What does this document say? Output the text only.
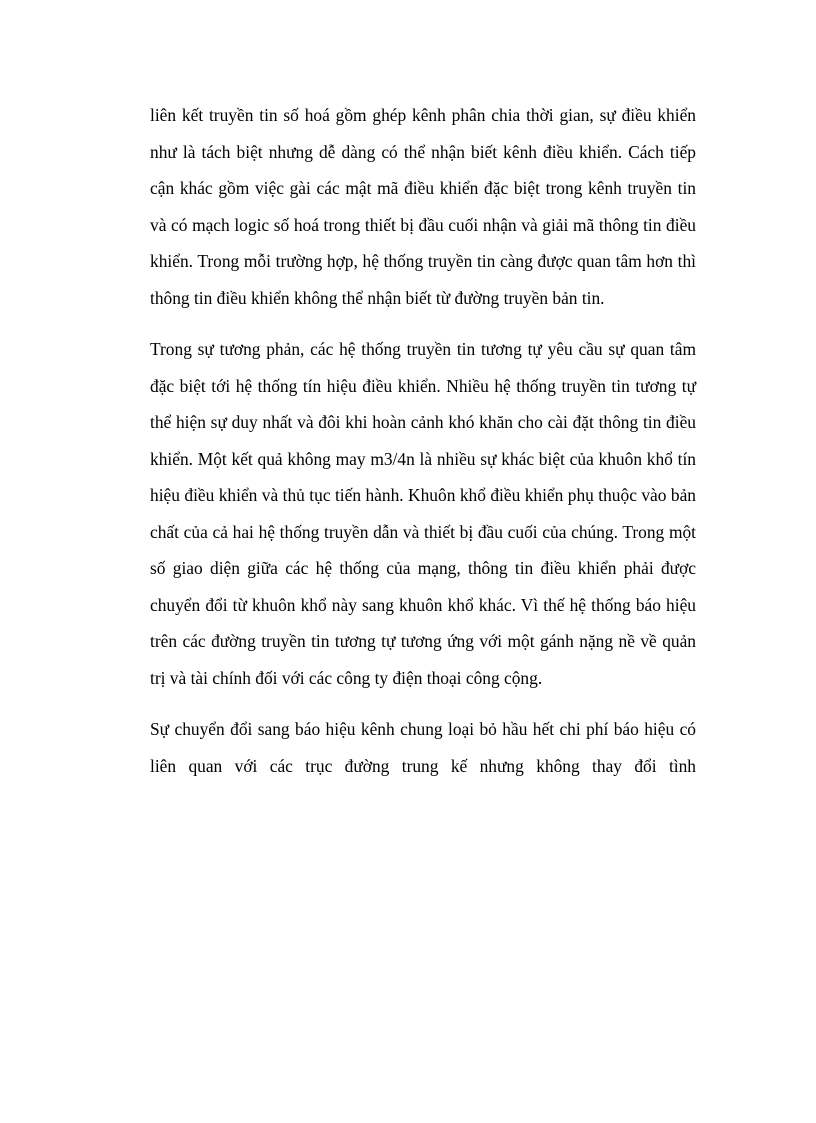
liên kết truyền tin số hoá gồm ghép kênh phân chia thời gian, sự điều khiển như là tách biệt nhưng dễ dàng có thể nhận biết kênh điều khiển. Cách tiếp cận khác gồm việc gài các mật mã điều khiển đặc biệt trong kênh truyền tin và có mạch logic số hoá trong thiết bị đầu cuối nhận và giải mã thông tin điều khiển. Trong mỗi trường hợp, hệ thống truyền tin càng được quan tâm hơn thì thông tin điều khiển không thể nhận biết từ đường truyền bản tin.

Trong sự tương phản, các hệ thống truyền tin tương tự yêu cầu sự quan tâm đặc biệt tới hệ thống tín hiệu điều khiển. Nhiều hệ thống truyền tin tương tự thể hiện sự duy nhất và đôi khi hoàn cảnh khó khăn cho cài đặt thông tin điều khiển. Một kết quả không may m3/4n là nhiều sự khác biệt của khuôn khổ tín hiệu điều khiển và thủ tục tiến hành. Khuôn khổ điều khiển phụ thuộc vào bản chất của cả hai hệ thống truyền dẫn và thiết bị đầu cuối của chúng. Trong một số giao diện giữa các hệ thống của mạng, thông tin điều khiển phải được chuyển đổi từ khuôn khổ này sang khuôn khổ khác. Vì thế hệ thống báo hiệu trên các đường truyền tin tương tự tương ứng với một gánh nặng nề về quản trị và tài chính đối với các công ty điện thoại công cộng.

Sự chuyển đổi sang báo hiệu kênh chung loại bỏ hầu hết chi phí báo hiệu có liên quan với các trục đường trung kế nhưng không thay đổi tình
